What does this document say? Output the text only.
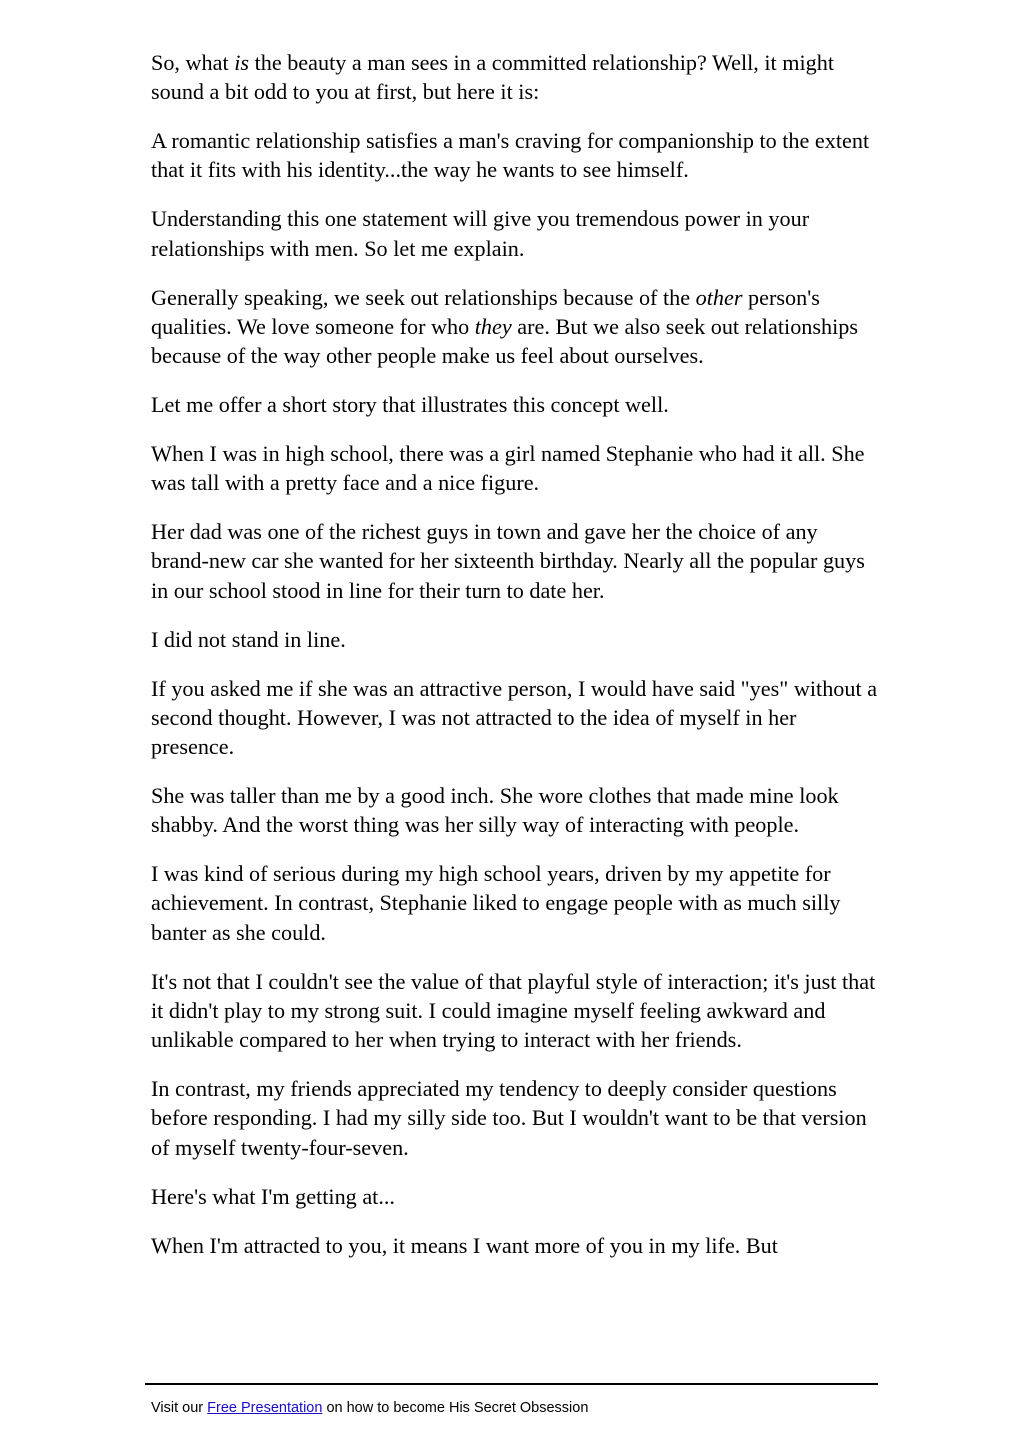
So, what is the beauty a man sees in a committed relationship? Well, it might sound a bit odd to you at first, but here it is:

A romantic relationship satisfies a man's craving for companionship to the extent that it fits with his identity...the way he wants to see himself.

Understanding this one statement will give you tremendous power in your relationships with men. So let me explain.

Generally speaking, we seek out relationships because of the other person's qualities. We love someone for who they are. But we also seek out relationships because of the way other people make us feel about ourselves.

Let me offer a short story that illustrates this concept well.

When I was in high school, there was a girl named Stephanie who had it all. She was tall with a pretty face and a nice figure.

Her dad was one of the richest guys in town and gave her the choice of any brand-new car she wanted for her sixteenth birthday. Nearly all the popular guys in our school stood in line for their turn to date her.

I did not stand in line.

If you asked me if she was an attractive person, I would have said "yes" without a second thought. However, I was not attracted to the idea of myself in her presence.

She was taller than me by a good inch. She wore clothes that made mine look shabby. And the worst thing was her silly way of interacting with people.

I was kind of serious during my high school years, driven by my appetite for achievement. In contrast, Stephanie liked to engage people with as much silly banter as she could.

It's not that I couldn't see the value of that playful style of interaction; it's just that it didn't play to my strong suit. I could imagine myself feeling awkward and unlikable compared to her when trying to interact with her friends.

In contrast, my friends appreciated my tendency to deeply consider questions before responding. I had my silly side too. But I wouldn't want to be that version of myself twenty-four-seven.

Here's what I'm getting at...

When I'm attracted to you, it means I want more of you in my life. But

Visit our Free Presentation on how to become His Secret Obsession
